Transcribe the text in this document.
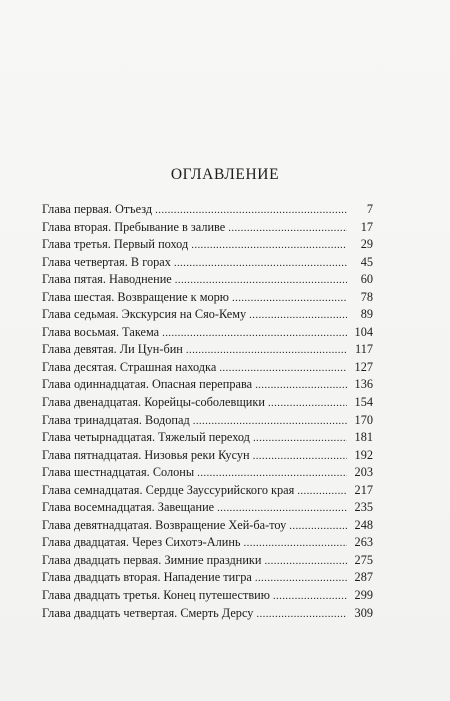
ОГЛАВЛЕНИЕ
Глава первая. Отъезд . . .	7
Глава вторая. Пребывание в заливе . . .	17
Глава третья. Первый поход . . .	29
Глава четвертая. В горах . . .	45
Глава пятая. Наводнение . . .	60
Глава шестая. Возвращение к морю . . .	78
Глава седьмая. Экскурсия на Сяо-Кему . . .	89
Глава восьмая. Такема . . .	104
Глава девятая. Ли Цун-бин . . .	117
Глава десятая. Страшная находка . . .	127
Глава одиннадцатая. Опасная переправа . . .	136
Глава двенадцатая. Корейцы-соболевщики . . .	154
Глава тринадцатая. Водопад . . .	170
Глава четырнадцатая. Тяжелый переход . . .	181
Глава пятнадцатая. Низовья реки Кусун . . .	192
Глава шестнадцатая. Солоны . . .	203
Глава семнадцатая. Сердце Зауссурийского края . . .	217
Глава восемнадцатая. Завещание . . .	235
Глава девятнадцатая. Возвращение Хей-ба-тоу . . .	248
Глава двадцатая. Через Сихотэ-Алинь . . .	263
Глава двадцать первая. Зимние праздники . . .	275
Глава двадцать вторая. Нападение тигра . . .	287
Глава двадцать третья. Конец путешествию . . .	299
Глава двадцать четвертая. Смерть Дерсу . . .	309
